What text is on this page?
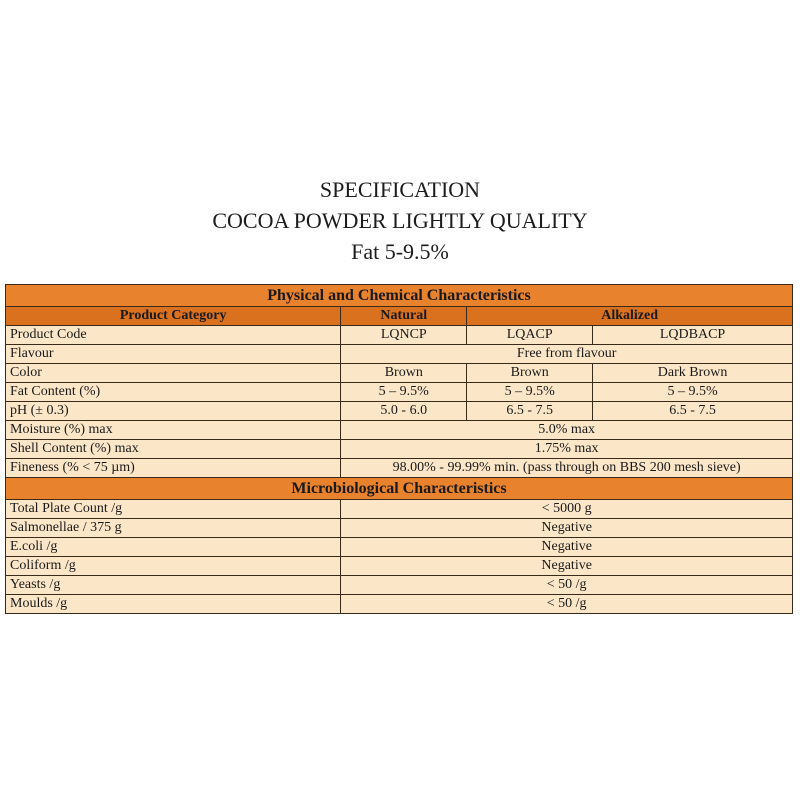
SPECIFICATION
COCOA POWDER LIGHTLY QUALITY
Fat 5-9.5%
Physical and Chemical Characteristics			
Product Category	Natural	Alkalized	
Product Code	LQNCP	LQACP	LQDBACP
Flavour	Free from flavour		
Color	Brown	Brown	Dark Brown
Fat Content (%)	5 – 9.5%	5 – 9.5%	5 – 9.5%
pH (± 0.3)	5.0 - 6.0	6.5 - 7.5	6.5 - 7.5
Moisture (%) max	5.0% max		
Shell Content (%) max	1.75% max		
Fineness (% < 75 µm)	98.00% - 99.99% min. (pass through on BBS 200 mesh sieve)		
Microbiological Characteristics			
Total Plate Count /g	< 5000 g		
Salmonellae / 375 g	Negative		
E.coli /g	Negative		
Coliform /g	Negative		
Yeasts /g	< 50 /g		
Moulds /g	< 50 /g		
